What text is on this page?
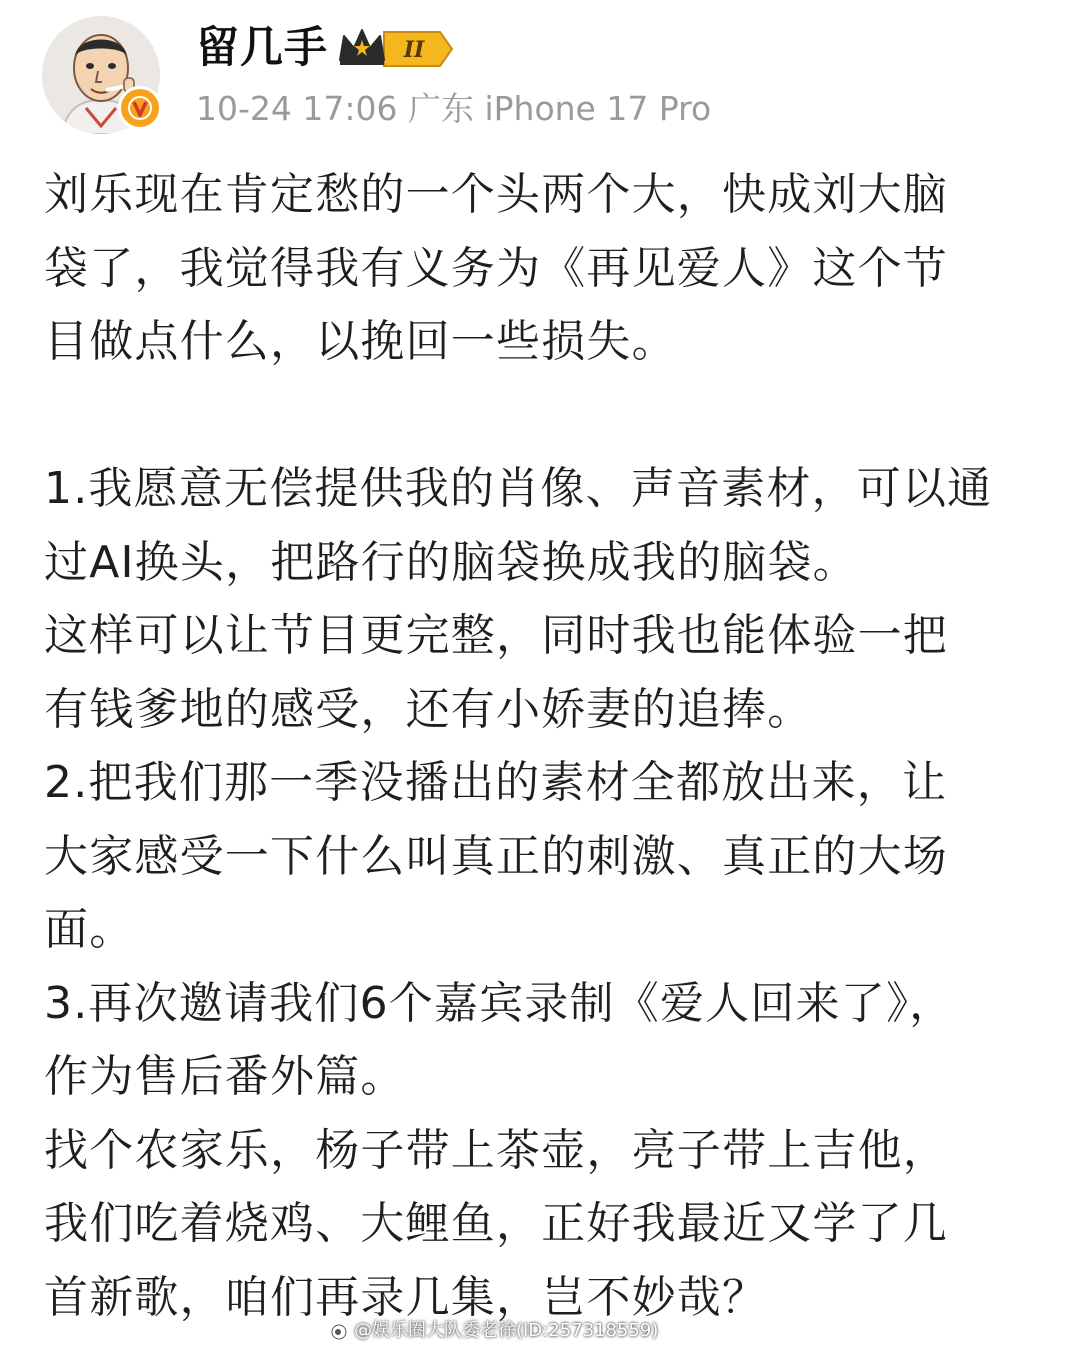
留几手	II
10-24 17:06 广东 iPhone 17 Pro

刘乐现在肯定愁的一个头两个大，快成刘大脑

袋了，我觉得我有义务为《再见爱人》这个节

目做点什么，以挽回一些损失。

1.我愿意无偿提供我的肖像、声音素材，可以通

过AI换头，把路行的脑袋换成我的脑袋。

这样可以让节目更完整，同时我也能体验一把

有钱爹地的感受，还有小娇妻的追捧。

2.把我们那一季没播出的素材全都放出来，让

大家感受一下什么叫真正的刺激、真正的大场

面。

3.再次邀请我们6个嘉宾录制《爱人回来了》，

作为售后番外篇。

找个农家乐，杨子带上茶壶，亮子带上吉他，

我们吃着烧鸡、大鲤鱼，正好我最近又学了几

首新歌，咱们再录几集，岂不妙哉？

@娱乐圈大队委老徐(ID:257318559)
